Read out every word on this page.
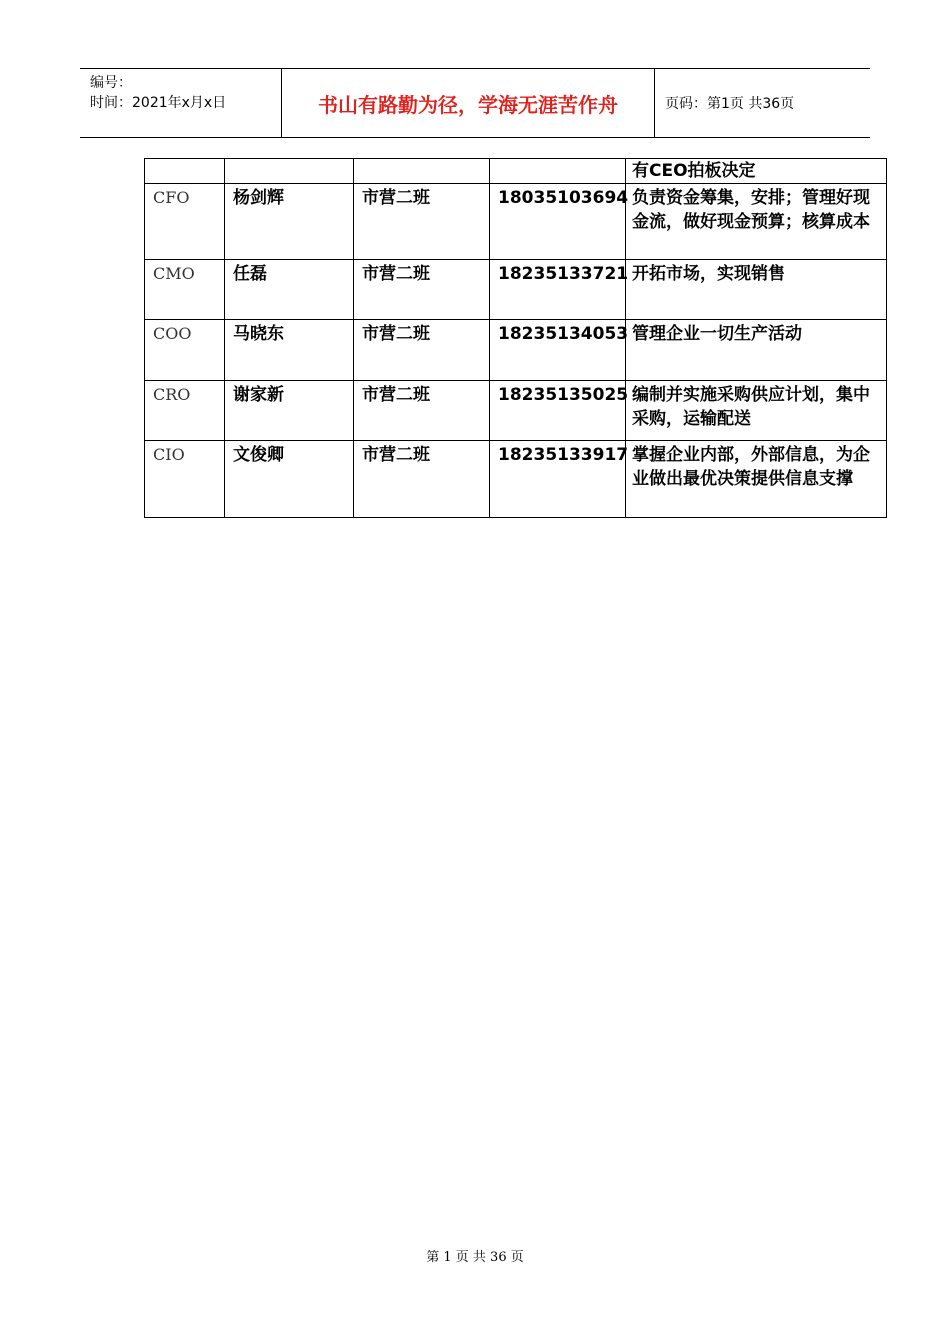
编号：
时间：2021年x月x日	书山有路勤为径，学海无涯苦作舟	页码：第1页 共36页
				有CEO拍板决定
CFO	杨剑辉	市营二班	18035103694	负责资金筹集，安排；管理好现金流，做好现金预算；核算成本
CMO	任磊	市营二班	18235133721	开拓市场，实现销售
COO	马晓东	市营二班	18235134053	管理企业一切生产活动
CRO	谢家新	市营二班	18235135025	编制并实施采购供应计划，集中采购，运输配送
CIO	文俊卿	市营二班	18235133917	掌握企业内部，外部信息，为企业做出最优决策提供信息支撑
第 1 页 共 36 页
